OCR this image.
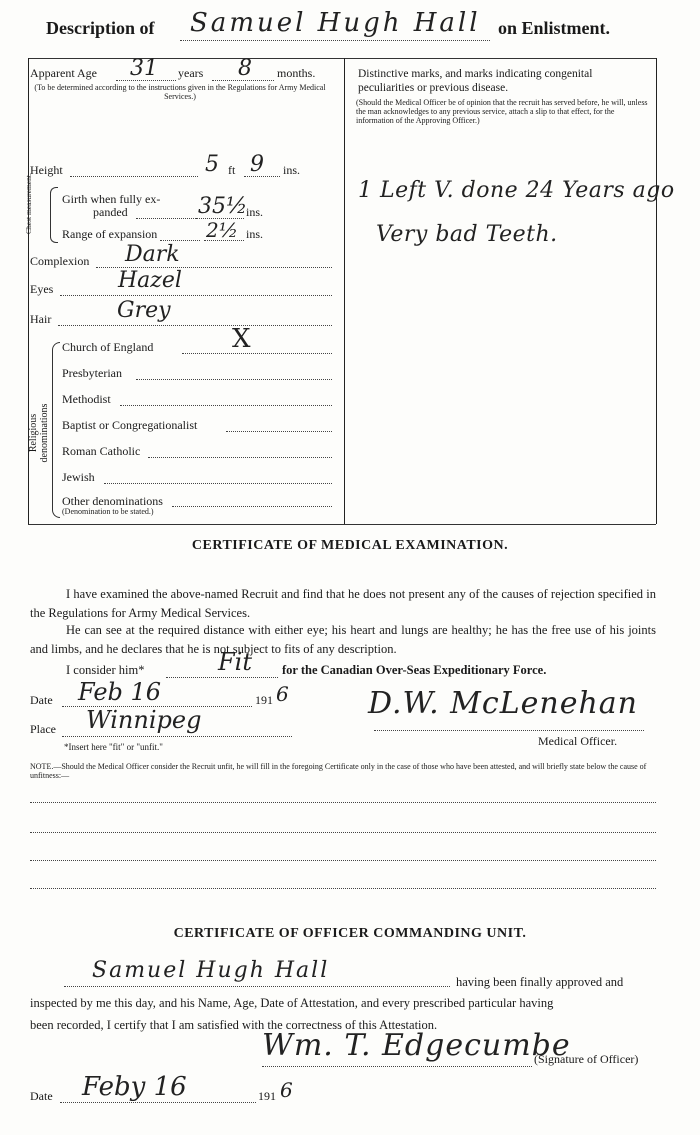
Description of Samuel Hugh Hall on Enlistment.
Apparent Age 31 years 8 months.
(To be determined according to the instructions given in the Regulations for Army Medical Services.)
Height	5 ft 9 ins.
Chest measurement. Girth when fully ex-
panded	35½
ins.
Range of expansion 2½ ins.
Complexion Dark
Eyes	Hazel
Hair	Grey
Religious denominations
Church of England	X
Presbyterian
Methodist
Baptist or Congregationalist
Roman Catholic
Jewish
Other denominations
(Denomination to be stated.)
Distinctive marks, and marks indicating congenital
peculiarities or previous disease.
(Should the Medical Officer be of opinion that the recruit has served before, he will, unless the man acknowledges to any previous service, attach a slip to that effect, for the information of the Approving Officer.)
1 Left V. done 24 Years ago
Very bad Teeth.
CERTIFICATE OF MEDICAL EXAMINATION.
I have examined the above-named Recruit and find that he does not present any of the causes of rejection specified in the Regulations for Army Medical Services.
He can see at the required distance with either eye; his heart and lungs are healthy; he has the free use of his joints and limbs, and he declares that he is not subject to fits of any description.
I consider him*	Fit for the Canadian Over-Seas Expeditionary Force.
Date Feb 16	191 6
Place Winnipeg	D.W. McLenehan
Medical Officer.
*Insert here "fit" or "unfit."
NOTE.—Should the Medical Officer consider the Recruit unfit, he will fill in the foregoing Certificate only in the case of those who have been attested, and will briefly state below the cause of unfitness:—
CERTIFICATE OF OFFICER COMMANDING UNIT.
Samuel Hugh Hall	having been finally approved and
inspected by me this day, and his Name, Age, Date of Attestation, and every prescribed particular having
been recorded, I certify that I am satisfied with the correctness of this Attestation.
Wm. T. Edgecumbe
(Signature of Officer)
Date Feby 16	191 6
